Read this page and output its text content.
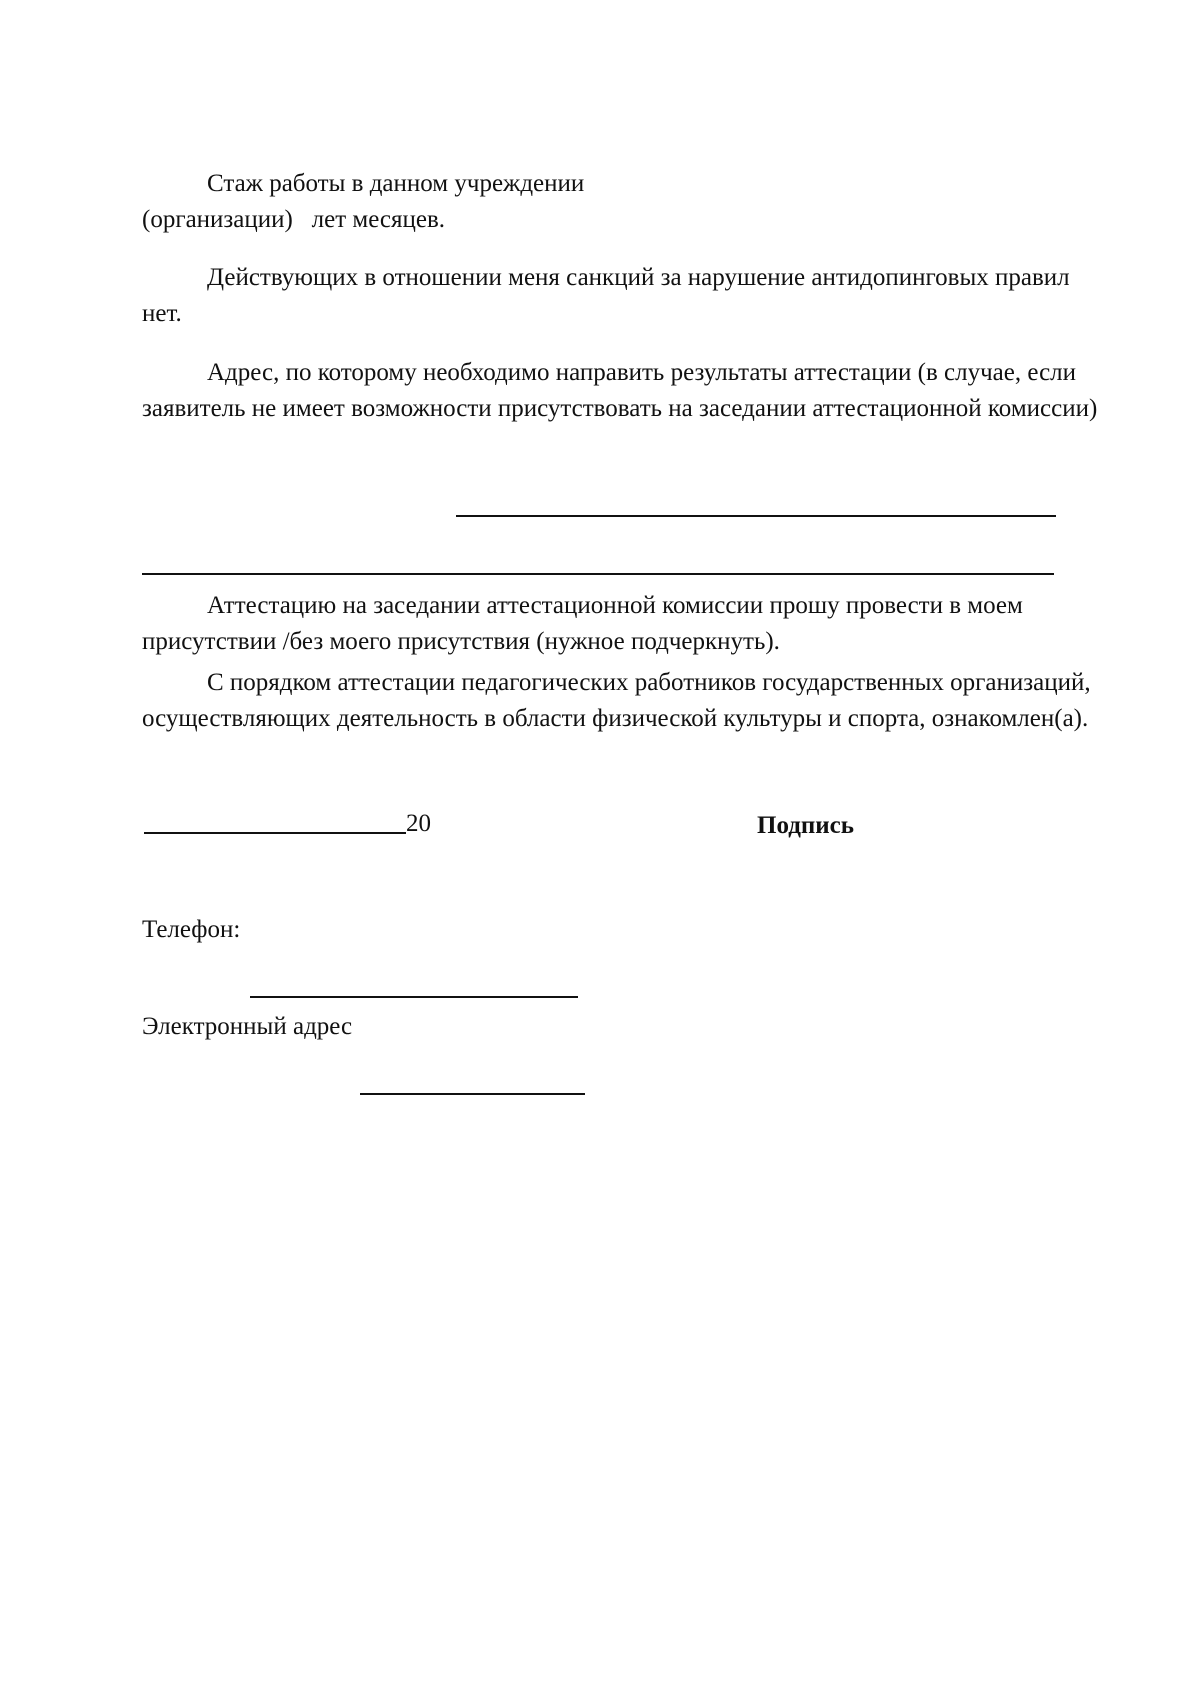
Стаж работы в данном учреждении
(организации) лет месяцев.

Действующих в отношении меня санкций за нарушение антидопинговых правил нет.

Адрес, по которому необходимо направить результаты аттестации (в случае, если заявитель не имеет возможности присутствовать на заседании аттестационной комиссии)

Аттестацию на заседании аттестационной комиссии прошу провести в моем присутствии /без моего присутствия (нужное подчеркнуть).

С порядком аттестации педагогических работников государственных организаций, осуществляющих деятельность в области физической культуры и спорта, ознакомлен(а).

20	Подпись
Телефон:
Электронный адрес
